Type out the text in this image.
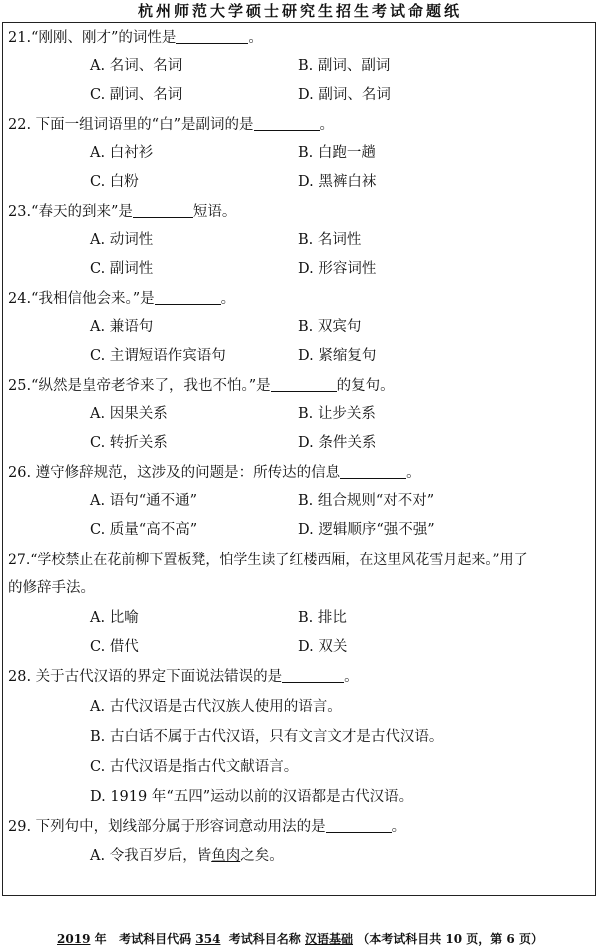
杭州师范大学硕士研究生招生考试命题纸
21.“刚刚、刚才”的词性是	。
A. 名词、名词	B. 副词、副词
C. 副词、名词	D. 副词、名词
22. 下面一组词语里的“白”是副词的是	。
A. 白衬衫	B. 白跑一趟
C. 白粉	D. 黑裤白袜
23.“春天的到来”是	短语。
A. 动词性	B. 名词性
C. 副词性	D. 形容词性
24.“我相信他会来。”是	。
A. 兼语句	B. 双宾句
C. 主谓短语作宾语句	D. 紧缩复句
25.“纵然是皇帝老爷来了，我也不怕。”是	的复句。
A. 因果关系	B. 让步关系
C. 转折关系	D. 条件关系
26. 遵守修辞规范，这涉及的问题是：所传达的信息	。
A. 语句“通不通”	B. 组合规则“对不对”
C. 质量“高不高”	D. 逻辑顺序“强不强”
27.“学校禁止在花前柳下置板凳，怕学生读了红楼西厢，在这里风花雪月起来。”用了
的修辞手法。
A. 比喻	B. 排比
C. 借代	D. 双关
28. 关于古代汉语的界定下面说法错误的是	。
A. 古代汉语是古代汉族人使用的语言。
B. 古白话不属于古代汉语，只有文言文才是古代汉语。
C. 古代汉语是指古代文献语言。
D. 1919 年“五四”运动以前的汉语都是古代汉语。
29. 下列句中，划线部分属于形容词意动用法的是	。
A. 令我百岁后，皆鱼肉之矣。
2019 年 考试科目代码 354 考试科目名称 汉语基础 （本考试科目共 10 页，第 6 页）
